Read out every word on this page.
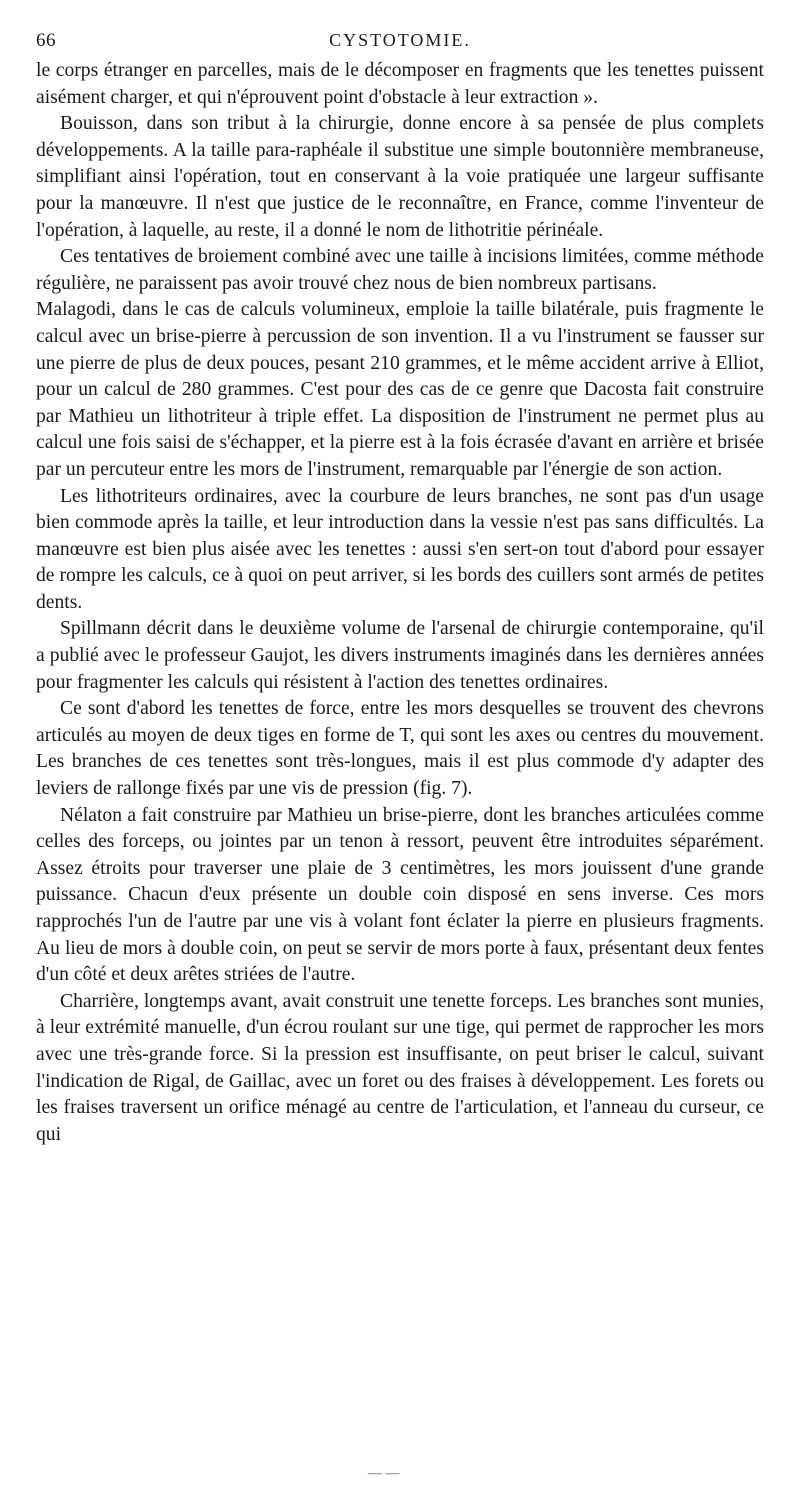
66	CYSTOTOMIE.

le corps étranger en parcelles, mais de le décomposer en fragments que les tenettes puissent aisément charger, et qui n'éprouvent point d'obstacle à leur extraction ».

Bouisson, dans son tribut à la chirurgie, donne encore à sa pensée de plus complets développements. A la taille para-raphéale il substitue une simple boutonnière membraneuse, simplifiant ainsi l'opération, tout en conservant à la voie pratiquée une largeur suffisante pour la manœuvre. Il n'est que justice de le reconnaître, en France, comme l'inventeur de l'opération, à laquelle, au reste, il a donné le nom de lithotritie périnéale.

Ces tentatives de broiement combiné avec une taille à incisions limitées, comme méthode régulière, ne paraissent pas avoir trouvé chez nous de bien nombreux partisans.

Malagodi, dans le cas de calculs volumineux, emploie la taille bilatérale, puis fragmente le calcul avec un brise-pierre à percussion de son invention. Il a vu l'instrument se fausser sur une pierre de plus de deux pouces, pesant 210 grammes, et le même accident arrive à Elliot, pour un calcul de 280 grammes. C'est pour des cas de ce genre que Dacosta fait construire par Mathieu un lithotriteur à triple effet. La disposition de l'instrument ne permet plus au calcul une fois saisi de s'échapper, et la pierre est à la fois écrasée d'avant en arrière et brisée par un percuteur entre les mors de l'instrument, remarquable par l'énergie de son action.

Les lithotriteurs ordinaires, avec la courbure de leurs branches, ne sont pas d'un usage bien commode après la taille, et leur introduction dans la vessie n'est pas sans difficultés. La manœuvre est bien plus aisée avec les tenettes : aussi s'en sert-on tout d'abord pour essayer de rompre les calculs, ce à quoi on peut arriver, si les bords des cuillers sont armés de petites dents.

Spillmann décrit dans le deuxième volume de l'arsenal de chirurgie contemporaine, qu'il a publié avec le professeur Gaujot, les divers instruments imaginés dans les dernières années pour fragmenter les calculs qui résistent à l'action des tenettes ordinaires.

Ce sont d'abord les tenettes de force, entre les mors desquelles se trouvent des chevrons articulés au moyen de deux tiges en forme de T, qui sont les axes ou centres du mouvement. Les branches de ces tenettes sont très-longues, mais il est plus commode d'y adapter des leviers de rallonge fixés par une vis de pression (fig. 7).

Nélaton a fait construire par Mathieu un brise-pierre, dont les branches articulées comme celles des forceps, ou jointes par un tenon à ressort, peuvent être introduites séparément. Assez étroits pour traverser une plaie de 3 centimètres, les mors jouissent d'une grande puissance. Chacun d'eux présente un double coin disposé en sens inverse. Ces mors rapprochés l'un de l'autre par une vis à volant font éclater la pierre en plusieurs fragments. Au lieu de mors à double coin, on peut se servir de mors porte à faux, présentant deux fentes d'un côté et deux arêtes striées de l'autre.

Charrière, longtemps avant, avait construit une tenette forceps. Les branches sont munies, à leur extrémité manuelle, d'un écrou roulant sur une tige, qui permet de rapprocher les mors avec une très-grande force. Si la pression est insuffisante, on peut briser le calcul, suivant l'indication de Rigal, de Gaillac, avec un foret ou des fraises à développement. Les forets ou les fraises traversent un orifice ménagé au centre de l'articulation, et l'anneau du curseur, ce qui

— —
